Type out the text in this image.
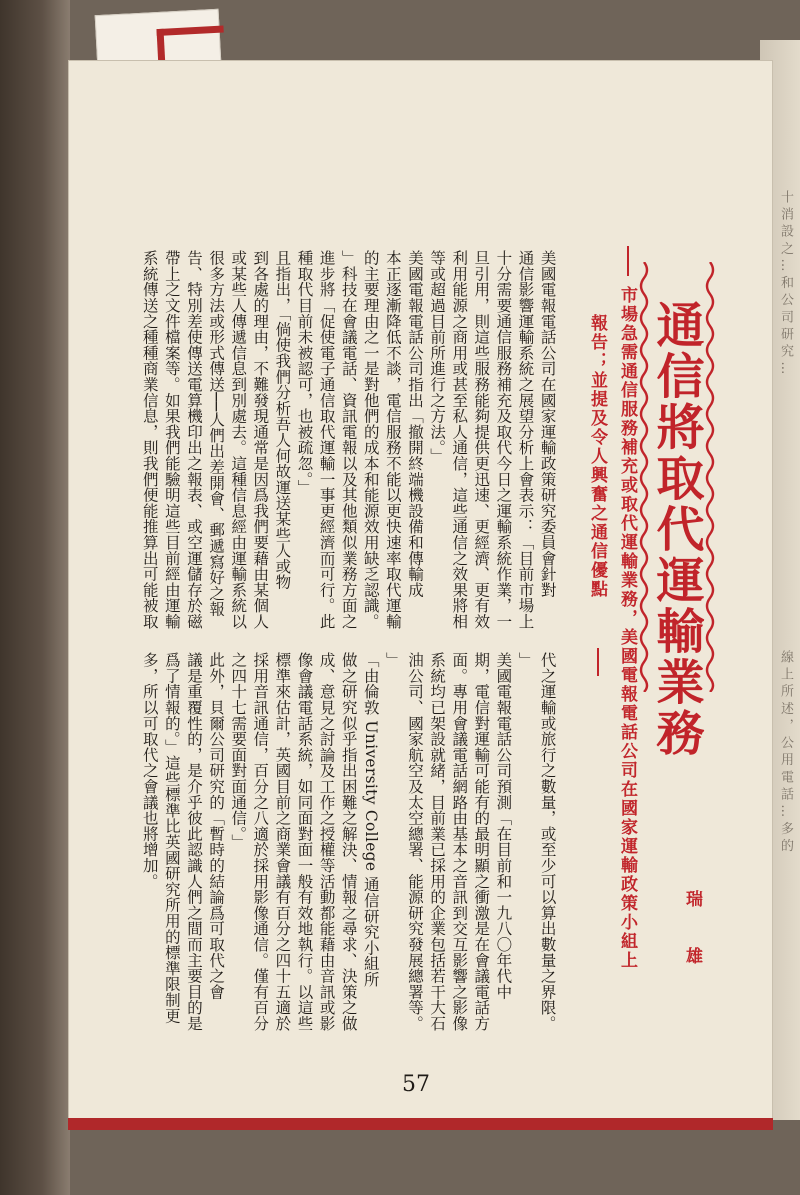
十 消 設 之 … 和 公 司 研 究 …
線 上 所 述 ， 公 用 電 話 … 多 的
通信將取代運輸業務
市場急需通信服務補充或取代運輸業務，美國電報電話公司在國家運輸政策小組上
報告；並提及令人興奮之通信優點
瑞雄
美國電報電話公司在國家運輸政策研究委員會針對
通信影響運輸系統之展望分析上會表示：「目前市場上
十分需要通信服務補充及取代今日之運輸系統作業，一
旦引用，則這些服務能夠提供更迅速、更經濟、更有效
利用能源之商用或甚至私人通信，這些通信之效果將相
等或超過目前所進行之方法。」
美國電報電話公司指出「撤開終端機設備和傳輸成
本正逐漸降低不談，電信服務不能以更快速率取代運輸
的主要理由之一是對他們的成本和能源效用缺乏認識。
」科技在會議電話、資訊電報以及其他類似業務方面之
進步將「促使電子通信取代運輸一事更經濟而可行。此
種取代目前未被認可，也被疏忽。」
且指出，「倘使我們分析吾人何故運送某些人或物
到各處的理由，不難發現通常是因爲我們要藉由某個人
或某些人傳遞信息到別處去。這種信息經由運輸系統以
很多方法或形式傳送──人們出差開會、郵遞寫好之報
告、特別差使傳送電算機印出之報表、或空運儲存於磁
帶上之文件檔案等。如果我們能驗明這些目前經由運輸
系統傳送之種種商業信息，則我們便能推算出可能被取
代之運輸或旅行之數量，或至少可以算出數量之界限。
」
美國電報電話公司預測「在目前和一九八〇年代中
期，電信對運輸可能有的最明顯之衝激是在會議電話方
面。專用會議電話網路由基本之音訊到交互影響之影像
系統均已架設就緒，目前業已採用的企業包括若干大石
油公司、國家航空及太空總署、能源研究發展總署等。
」
「由倫敦 University College 通信研究小組所
做之研究似乎指出困難之解決、情報之尋求、決策之做
成、意見之討論及工作之授權等活動都能藉由音訊或影
像會議電話系統，如同面對面一般有效地執行。以這些
標準來估計，英國目前之商業會議有百分之四十五適於
採用音訊通信，百分之八適於採用影像通信。僅有百分
之四十七需要面對面通信。」
此外，貝爾公司研究的「暫時的結論爲可取代之會
議是重覆性的，是介乎彼此認識人們之間而主要目的是
爲了情報的。」這些標準比英國研究所用的標準限制更
多，所以可取代之會議也將增加。
57
